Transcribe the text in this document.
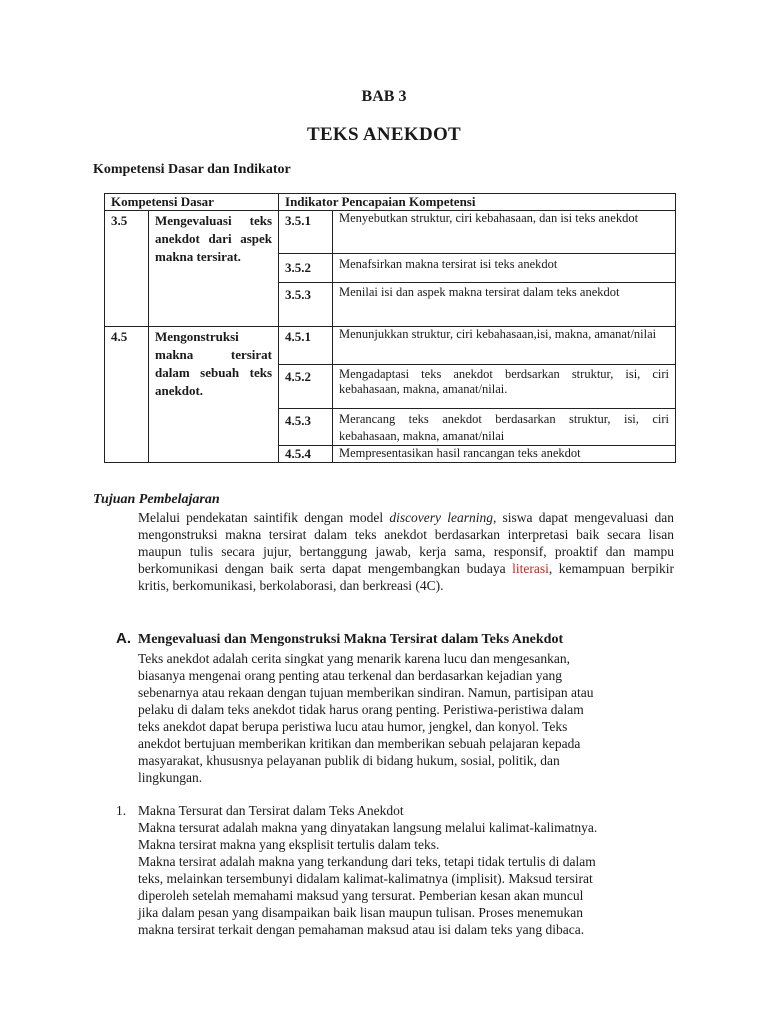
BAB 3
TEKS ANEKDOT
Kompetensi Dasar dan Indikator
Kompetensi Dasar		Indikator Pencapaian Kompetensi	
3.5	Mengevaluasi teks anekdot dari aspek makna tersirat.	3.5.1	Menyebutkan struktur, ciri kebahasaan, dan isi teks anekdot
		3.5.2	Menafsirkan makna tersirat isi teks anekdot
		3.5.3	Menilai isi dan aspek makna tersirat dalam teks anekdot
4.5	Mengonstruksi makna tersirat dalam sebuah teks anekdot.	4.5.1	Menunjukkan struktur, ciri kebahasaan,isi, makna, amanat/nilai
		4.5.2	Mengadaptasi teks anekdot berdsarkan struktur, isi, ciri kebahasaan, makna, amanat/nilai.
		4.5.3	Merancang teks anekdot berdasarkan struktur, isi, ciri kebahasaan, makna, amanat/nilai
		4.5.4	Mempresentasikan hasil rancangan teks anekdot
Tujuan Pembelajaran
Melalui pendekatan saintifik dengan model discovery learning, siswa dapat mengevaluasi dan mengonstruksi makna tersirat dalam teks anekdot berdasarkan interpretasi baik secara lisan maupun tulis secara jujur, bertanggung jawab, kerja sama, responsif, proaktif dan mampu berkomunikasi dengan baik serta dapat mengembangkan budaya literasi, kemampuan berpikir kritis, berkomunikasi, berkolaborasi, dan berkreasi (4C).
A. Mengevaluasi dan Mengonstruksi Makna Tersirat dalam Teks Anekdot
Teks anekdot adalah cerita singkat yang menarik karena lucu dan mengesankan,
biasanya mengenai orang penting atau terkenal dan berdasarkan kejadian yang
sebenarnya atau rekaan dengan tujuan memberikan sindiran. Namun, partisipan atau
pelaku di dalam teks anekdot tidak harus orang penting. Peristiwa-peristiwa dalam
teks anekdot dapat berupa peristiwa lucu atau humor, jengkel, dan konyol. Teks
anekdot bertujuan memberikan kritikan dan memberikan sebuah pelajaran kepada
masyarakat, khususnya pelayanan publik di bidang hukum, sosial, politik, dan
lingkungan.
1. Makna Tersurat dan Tersirat dalam Teks Anekdot
Makna tersurat adalah makna yang dinyatakan langsung melalui kalimat-kalimatnya.
Makna tersirat makna yang eksplisit tertulis dalam teks.
Makna tersirat adalah makna yang terkandung dari teks, tetapi tidak tertulis di dalam
teks, melainkan tersembunyi didalam kalimat-kalimatnya (implisit). Maksud tersirat
diperoleh setelah memahami maksud yang tersurat. Pemberian kesan akan muncul
jika dalam pesan yang disampaikan baik lisan maupun tulisan. Proses menemukan
makna tersirat terkait dengan pemahaman maksud atau isi dalam teks yang dibaca.
